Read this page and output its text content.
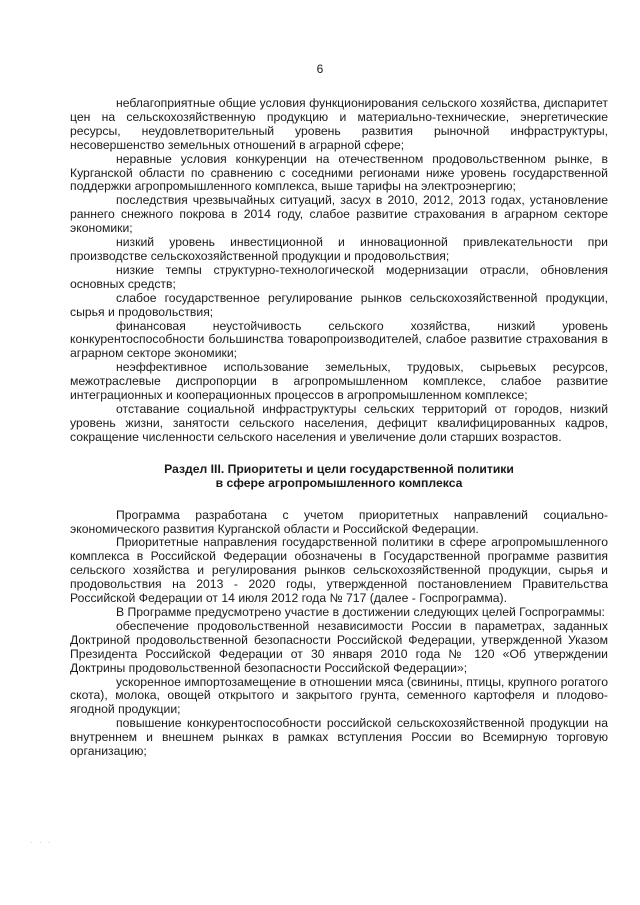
6

неблагоприятные общие условия функционирования сельского хозяйства, диспаритет цен на сельскохозяйственную продукцию и материально-технические, энергетические ресурсы, неудовлетворительный уровень развития рыночной инфраструктуры, несовершенство земельных отношений в аграрной сфере;

неравные условия конкуренции на отечественном продовольственном рынке, в Курганской области по сравнению с соседними регионами ниже уровень государственной поддержки агропромышленного комплекса, выше тарифы на электроэнергию;

последствия чрезвычайных ситуаций, засух в 2010, 2012, 2013 годах, установление раннего снежного покрова в 2014 году, слабое развитие страхования в аграрном секторе экономики;

низкий уровень инвестиционной и инновационной привлекательности при производстве сельскохозяйственной продукции и продовольствия;

низкие темпы структурно-технологической модернизации отрасли, обновления основных средств;

слабое государственное регулирование рынков сельскохозяйственной продукции, сырья и продовольствия;

финансовая неустойчивость сельского хозяйства, низкий уровень конкурентоспособности большинства товаропроизводителей, слабое развитие страхования в аграрном секторе экономики;

неэффективное использование земельных, трудовых, сырьевых ресурсов, межотраслевые диспропорции в агропромышленном комплексе, слабое развитие интеграционных и кооперационных процессов в агропромышленном комплексе;

отставание социальной инфраструктуры сельских территорий от городов, низкий уровень жизни, занятости сельского населения, дефицит квалифицированных кадров, сокращение численности сельского населения и увеличение доли старших возрастов.

Раздел III. Приоритеты и цели государственной политики
в сфере агропромышленного комплекса

Программа разработана с учетом приоритетных направлений социально-экономического развития Курганской области и Российской Федерации.

Приоритетные направления государственной политики в сфере агропромышленного комплекса в Российской Федерации обозначены в Государственной программе развития сельского хозяйства и регулирования рынков сельскохозяйственной продукции, сырья и продовольствия на 2013 - 2020 годы, утвержденной постановлением Правительства Российской Федерации от 14 июля 2012 года № 717 (далее - Госпрограмма).

В Программе предусмотрено участие в достижении следующих целей Госпрограммы:

обеспечение продовольственной независимости России в параметрах, заданных Доктриной продовольственной безопасности Российской Федерации, утвержденной Указом Президента Российской Федерации от 30 января 2010 года № 120 «Об утверждении Доктрины продовольственной безопасности Российской Федерации»;

ускоренное импортозамещение в отношении мяса (свинины, птицы, крупного рогатого скота), молока, овощей открытого и закрытого грунта, семенного картофеля и плодово-ягодной продукции;

повышение конкурентоспособности российской сельскохозяйственной продукции на внутреннем и внешнем рынках в рамках вступления России во Всемирную торговую организацию;

. . .
